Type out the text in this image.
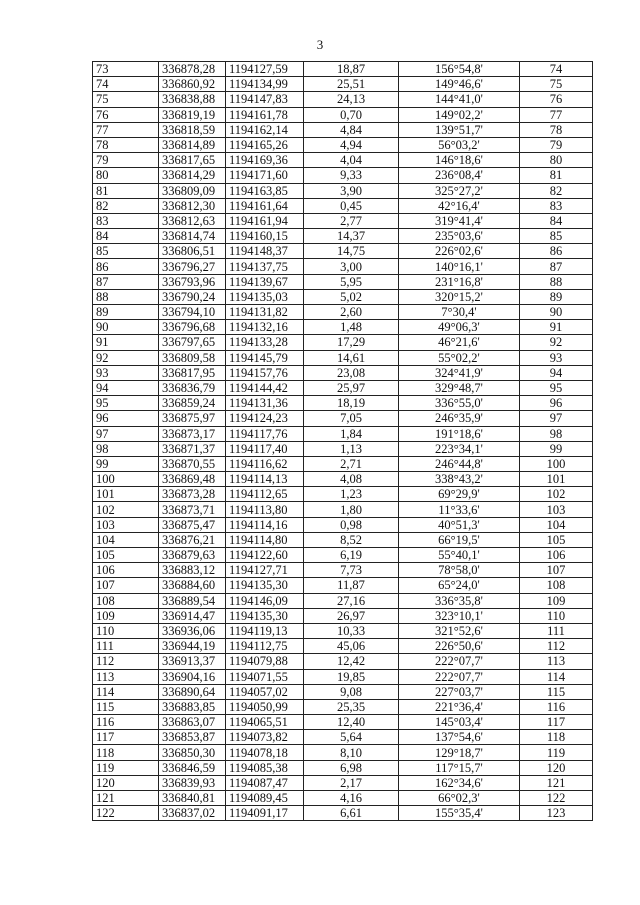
3
73	336878,28	1194127,59	18,87	156°54,8'	74
74	336860,92	1194134,99	25,51	149°46,6'	75
75	336838,88	1194147,83	24,13	144°41,0'	76
76	336819,19	1194161,78	0,70	149°02,2'	77
77	336818,59	1194162,14	4,84	139°51,7'	78
78	336814,89	1194165,26	4,94	56°03,2'	79
79	336817,65	1194169,36	4,04	146°18,6'	80
80	336814,29	1194171,60	9,33	236°08,4'	81
81	336809,09	1194163,85	3,90	325°27,2'	82
82	336812,30	1194161,64	0,45	42°16,4'	83
83	336812,63	1194161,94	2,77	319°41,4'	84
84	336814,74	1194160,15	14,37	235°03,6'	85
85	336806,51	1194148,37	14,75	226°02,6'	86
86	336796,27	1194137,75	3,00	140°16,1'	87
87	336793,96	1194139,67	5,95	231°16,8'	88
88	336790,24	1194135,03	5,02	320°15,2'	89
89	336794,10	1194131,82	2,60	7°30,4'	90
90	336796,68	1194132,16	1,48	49°06,3'	91
91	336797,65	1194133,28	17,29	46°21,6'	92
92	336809,58	1194145,79	14,61	55°02,2'	93
93	336817,95	1194157,76	23,08	324°41,9'	94
94	336836,79	1194144,42	25,97	329°48,7'	95
95	336859,24	1194131,36	18,19	336°55,0'	96
96	336875,97	1194124,23	7,05	246°35,9'	97
97	336873,17	1194117,76	1,84	191°18,6'	98
98	336871,37	1194117,40	1,13	223°34,1'	99
99	336870,55	1194116,62	2,71	246°44,8'	100
100	336869,48	1194114,13	4,08	338°43,2'	101
101	336873,28	1194112,65	1,23	69°29,9'	102
102	336873,71	1194113,80	1,80	11°33,6'	103
103	336875,47	1194114,16	0,98	40°51,3'	104
104	336876,21	1194114,80	8,52	66°19,5'	105
105	336879,63	1194122,60	6,19	55°40,1'	106
106	336883,12	1194127,71	7,73	78°58,0'	107
107	336884,60	1194135,30	11,87	65°24,0'	108
108	336889,54	1194146,09	27,16	336°35,8'	109
109	336914,47	1194135,30	26,97	323°10,1'	110
110	336936,06	1194119,13	10,33	321°52,6'	111
111	336944,19	1194112,75	45,06	226°50,6'	112
112	336913,37	1194079,88	12,42	222°07,7'	113
113	336904,16	1194071,55	19,85	222°07,7'	114
114	336890,64	1194057,02	9,08	227°03,7'	115
115	336883,85	1194050,99	25,35	221°36,4'	116
116	336863,07	1194065,51	12,40	145°03,4'	117
117	336853,87	1194073,82	5,64	137°54,6'	118
118	336850,30	1194078,18	8,10	129°18,7'	119
119	336846,59	1194085,38	6,98	117°15,7'	120
120	336839,93	1194087,47	2,17	162°34,6'	121
121	336840,81	1194089,45	4,16	66°02,3'	122
122	336837,02	1194091,17	6,61	155°35,4'	123
